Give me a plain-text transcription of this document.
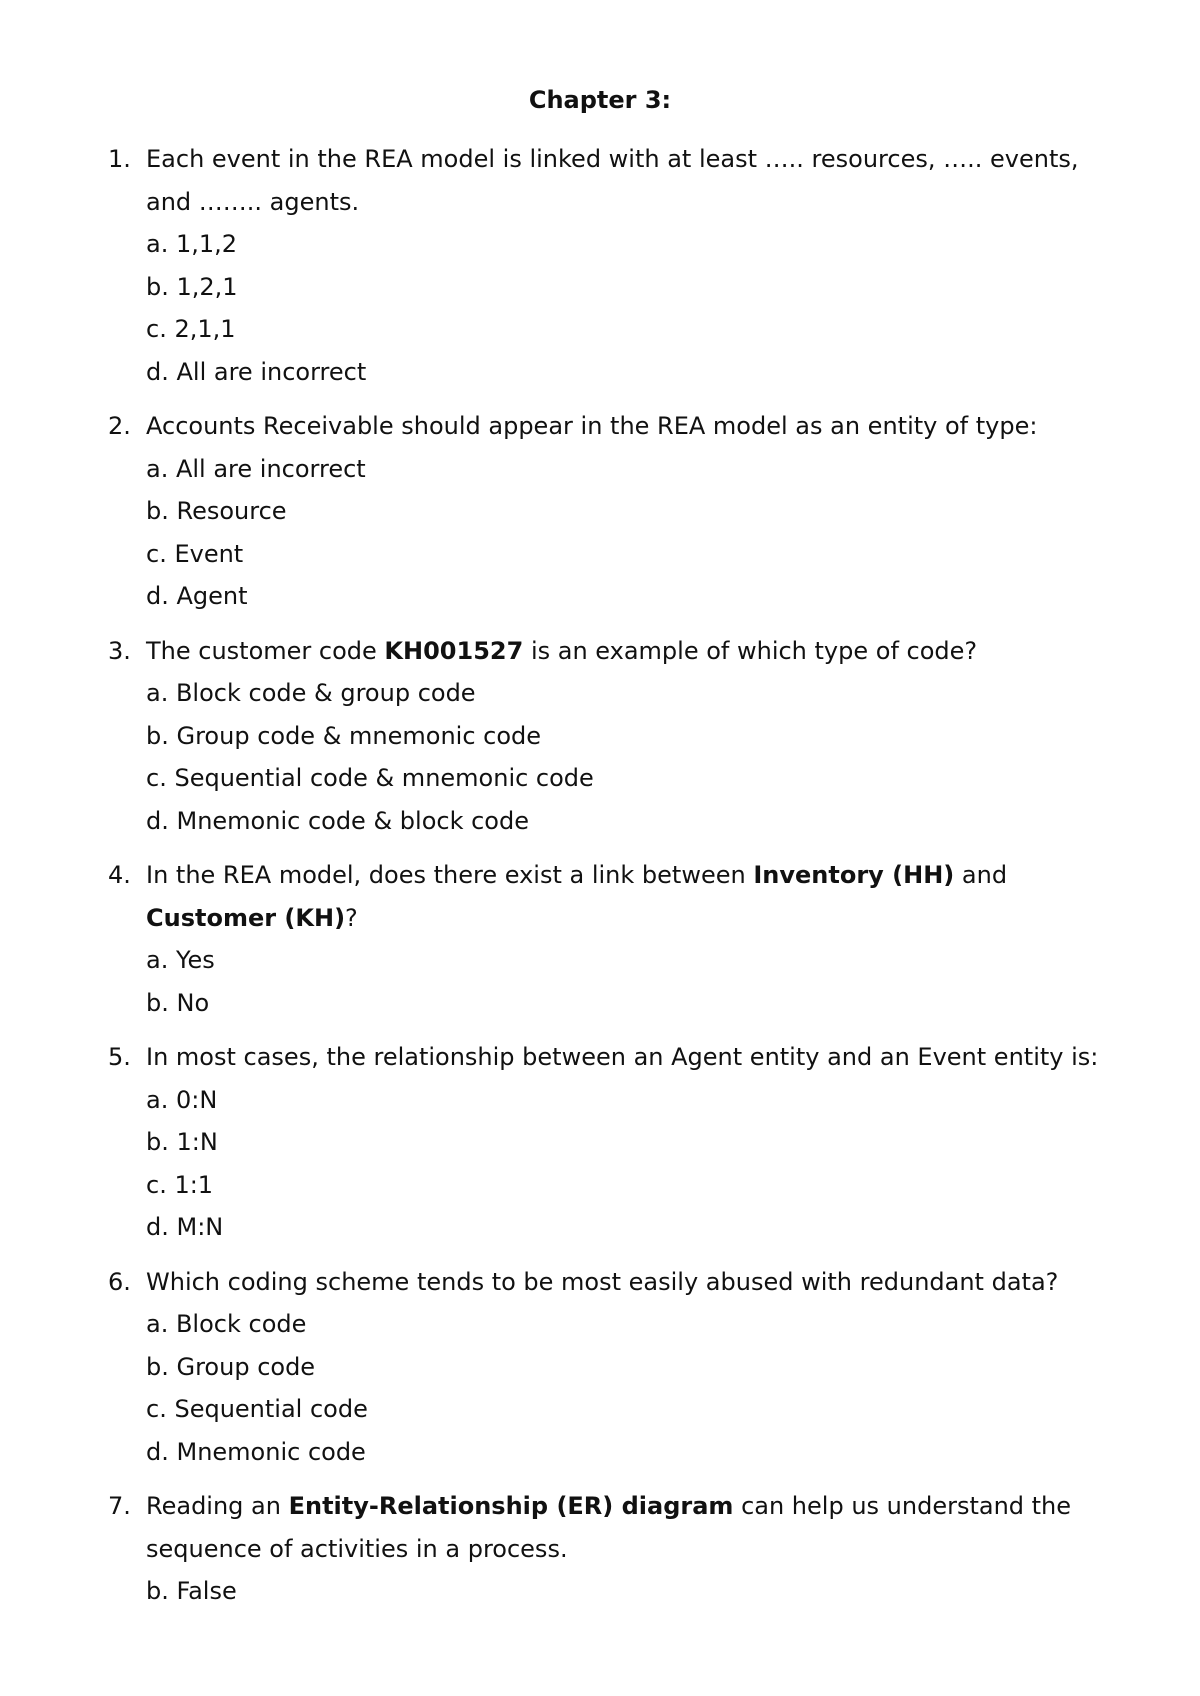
Chapter 3:
1. Each event in the REA model is linked with at least ….. resources, ….. events, and …….. agents.
a. 1,1,2
b. 1,2,1
c. 2,1,1
d. All are incorrect
2. Accounts Receivable should appear in the REA model as an entity of type:
a. All are incorrect
b. Resource
c. Event
d. Agent
3. The customer code KH001527 is an example of which type of code?
a. Block code & group code
b. Group code & mnemonic code
c. Sequential code & mnemonic code
d. Mnemonic code & block code
4. In the REA model, does there exist a link between Inventory (HH) and Customer (KH)?
a. Yes
b. No
5. In most cases, the relationship between an Agent entity and an Event entity is:
a. 0:N
b. 1:N
c. 1:1
d. M:N
6. Which coding scheme tends to be most easily abused with redundant data?
a. Block code
b. Group code
c. Sequential code
d. Mnemonic code
7. Reading an Entity-Relationship (ER) diagram can help us understand the sequence of activities in a process.
b. False
